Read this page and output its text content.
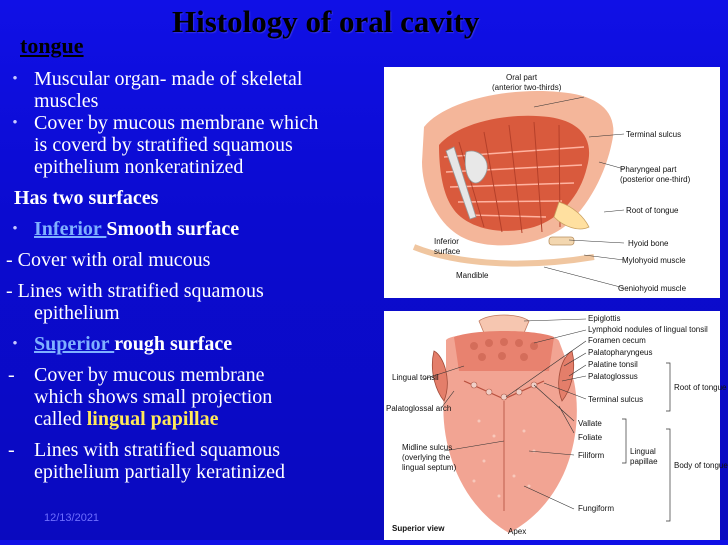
Histology of oral cavity
tongue
• Muscular organ- made of skeletal
muscles
• Cover by mucous membrane which
is coverd by stratified squamous
epithelium nonkeratinized
Has two surfaces
• Inferior Smooth surface
- Cover with oral mucous
- Lines with stratified squamous
epithelium
• Superior rough surface
- Cover by mucous membrane
which shows small projection
called lingual papillae
- Lines with stratified squamous
epithelium partially keratinized
12/13/2021
Oral part
(anterior two-thirds)
Terminal sulcus
Pharyngeal part
(posterior one-third)
Root of tongue
Inferior
surface
Hyoid bone
Mylohyoid muscle
Mandible
Geniohyoid muscle
Epiglottis
Lymphoid nodules of lingual tonsil
Foramen cecum
Palatopharyngeus
Palatine tonsil
Palatoglossus
Terminal sulcus
Lingual tonsil
Palatoglossal arch
Root of tongue
Vallate
Foliate
Filiform	Lingual
papillae Body of tongue
Midline sulcus
(overlying the
lingual septum)
Fungiform
Superior view	Apex
